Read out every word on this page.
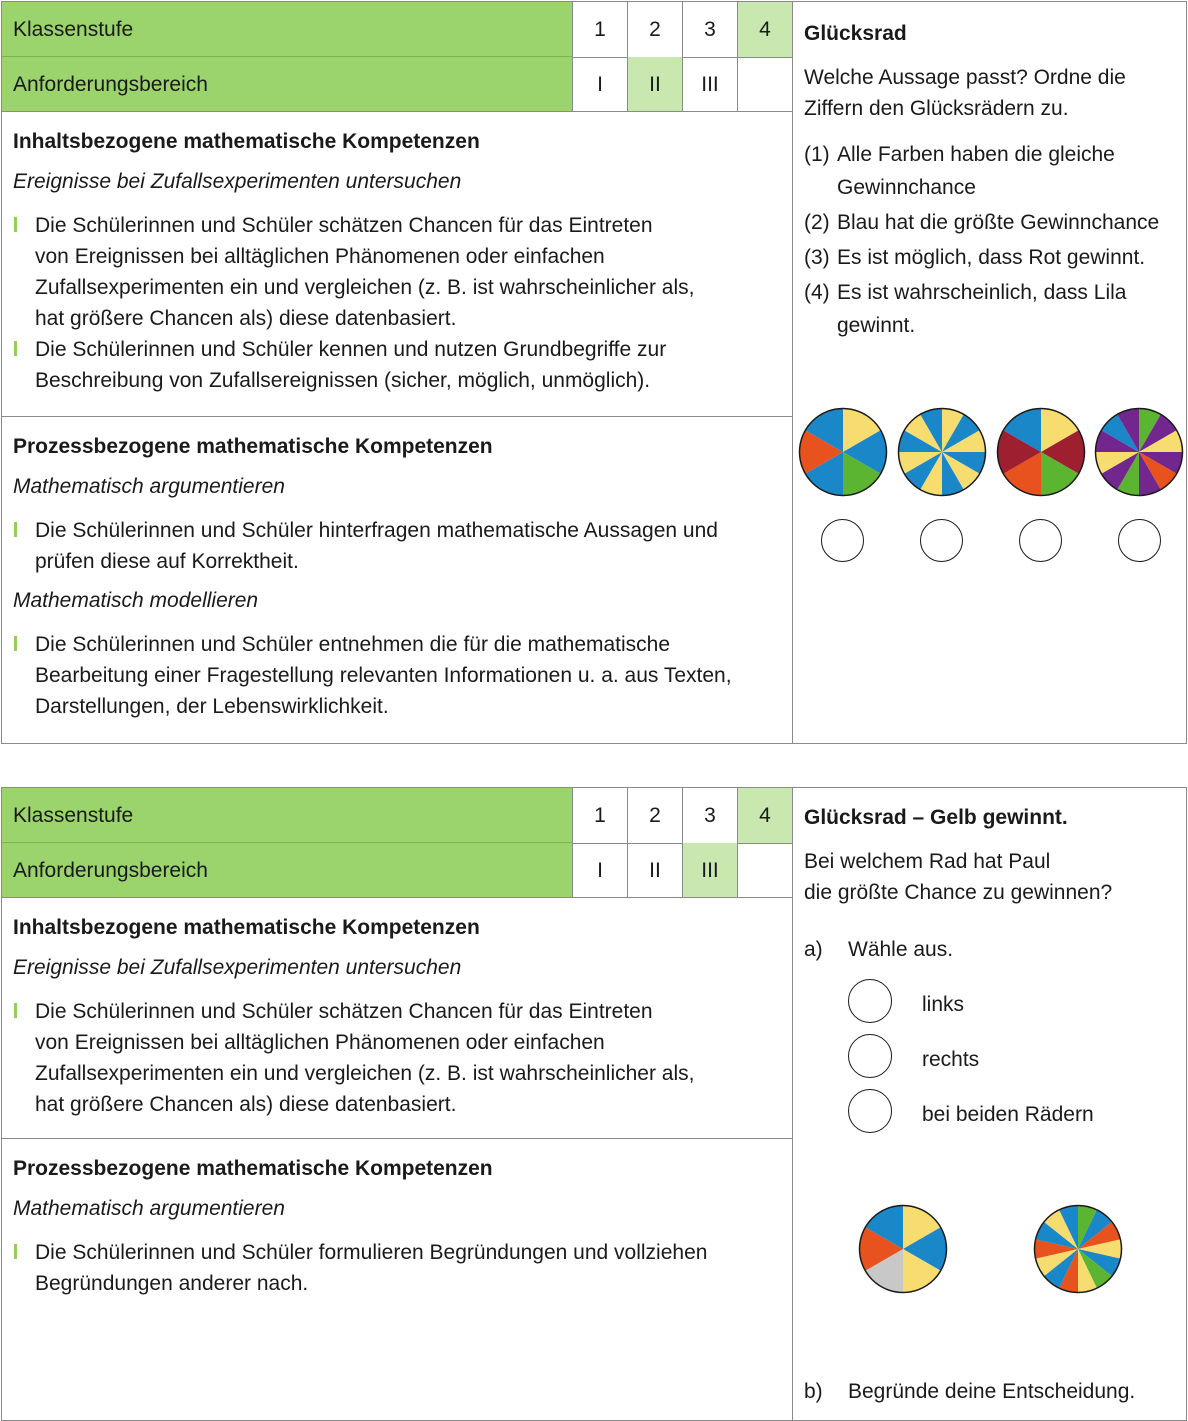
Klassenstufe	1	2	3	4
Anforderungsbereich	I	II	III
Inhaltsbezogene mathematische Kompetenzen
Ereignisse bei Zufallsexperimenten untersuchen
Die Schülerinnen und Schüler schätzen Chancen für das Eintreten
von Ereignissen bei alltäglichen Phänomenen oder einfachen
Zufallsexperimenten ein und vergleichen (z. B. ist wahrscheinlicher als,
hat größere Chancen als) diese datenbasiert.
Die Schülerinnen und Schüler kennen und nutzen Grundbegriffe zur
Beschreibung von Zufallsereignissen (sicher, möglich, unmöglich).
Prozessbezogene mathematische Kompetenzen
Mathematisch argumentieren
Die Schülerinnen und Schüler hinterfragen mathematische Aussagen und
prüfen diese auf Korrektheit.
Mathematisch modellieren
Die Schülerinnen und Schüler entnehmen die für die mathematische
Bearbeitung einer Fragestellung relevanten Informationen u. a. aus Texten,
Darstellungen, der Lebenswirklichkeit.
Glücksrad
Welche Aussage passt? Ordne die
Ziffern den Glücksrädern zu.
(1) Alle Farben haben die gleiche
Gewinnchance
(2) Blau hat die größte Gewinnchance
(3) Es ist möglich, dass Rot gewinnt.
(4) Es ist wahrscheinlich, dass Lila
gewinnt.
Klassenstufe	1	2	3	4
Anforderungsbereich	I	II	III
Inhaltsbezogene mathematische Kompetenzen
Ereignisse bei Zufallsexperimenten untersuchen
Die Schülerinnen und Schüler schätzen Chancen für das Eintreten
von Ereignissen bei alltäglichen Phänomenen oder einfachen
Zufallsexperimenten ein und vergleichen (z. B. ist wahrscheinlicher als,
hat größere Chancen als) diese datenbasiert.
Prozessbezogene mathematische Kompetenzen
Mathematisch argumentieren
Die Schülerinnen und Schüler formulieren Begründungen und vollziehen
Begründungen anderer nach.
Glücksrad – Gelb gewinnt.
Bei welchem Rad hat Paul
die größte Chance zu gewinnen?
a) Wähle aus.
links
rechts
bei beiden Rädern
b) Begründe deine Entscheidung.
